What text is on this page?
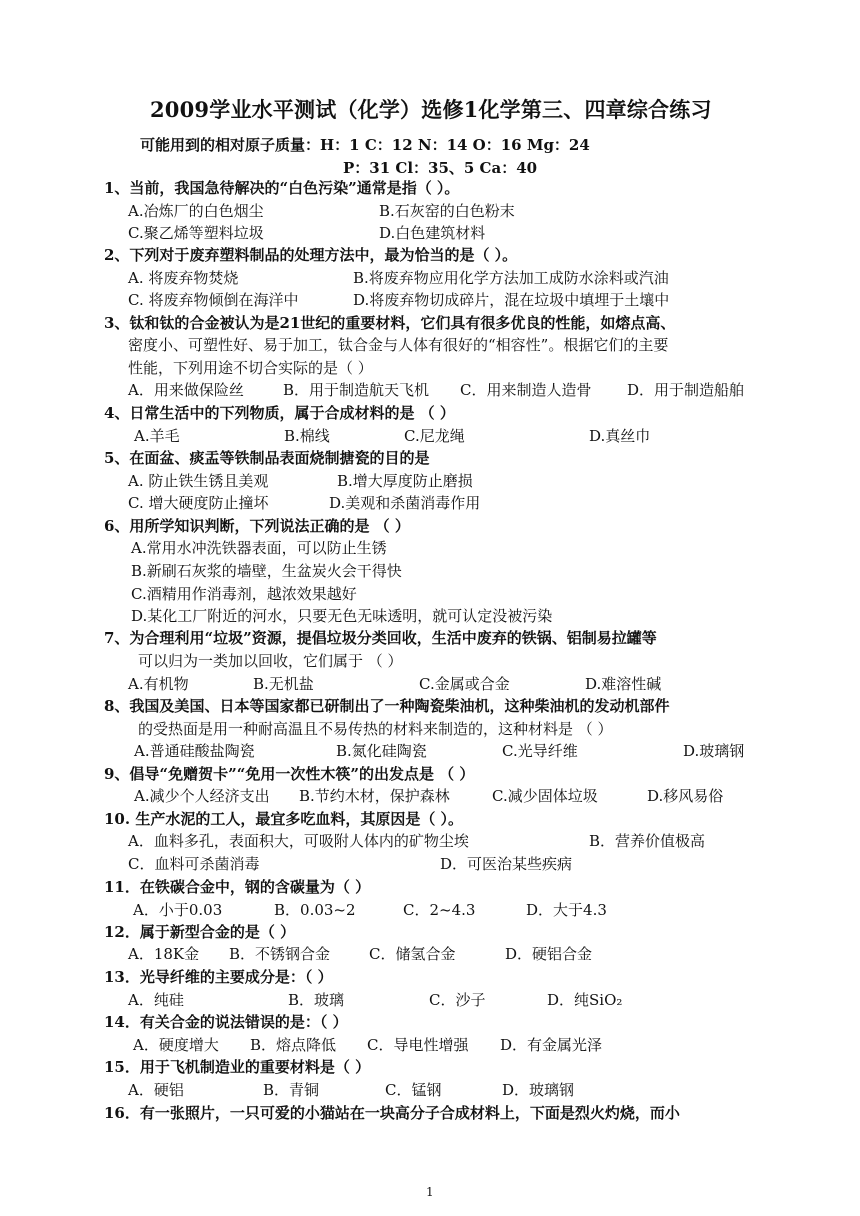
2009学业水平测试（化学）选修1化学第三、四章综合练习
可能用到的相对原子质量：H：1 C：12 N：14 O：16 Mg：24
P：31 Cl：35、5 Ca：40
1、当前，我国急待解决的“白色污染”通常是指（ ）。
A.冶炼厂的白色烟尘	B.石灰窑的白色粉末
C.聚乙烯等塑料垃圾	D.白色建筑材料
2、下列对于废弃塑料制品的处理方法中，最为恰当的是（ ）。
A. 将废弃物焚烧	B.将废弃物应用化学方法加工成防水涂料或汽油
C. 将废弃物倾倒在海洋中	D.将废弃物切成碎片，混在垃圾中填埋于土壤中
3、钛和钛的合金被认为是21世纪的重要材料，它们具有很多优良的性能，如熔点高、
密度小、可塑性好、易于加工，钛合金与人体有很好的“相容性”。根据它们的主要
性能，下列用途不切合实际的是（ ）
A．用来做保险丝	B．用于制造航天飞机 C．用来制造人造骨 D．用于制造船舶
4、日常生活中的下列物质，属于合成材料的是 （ ）
A.羊毛	B.棉线	C.尼龙绳	D.真丝巾
5、在面盆、痰盂等铁制品表面烧制搪瓷的目的是
A. 防止铁生锈且美观	B.增大厚度防止磨损
C. 增大硬度防止撞坏	D.美观和杀菌消毒作用
6、用所学知识判断，下列说法正确的是 （ ）
A.常用水冲洗铁器表面，可以防止生锈
B.新刷石灰浆的墙壁，生盆炭火会干得快
C.酒精用作消毒剂，越浓效果越好
D.某化工厂附近的河水，只要无色无味透明，就可认定没被污染
7、为合理利用“垃圾”资源，提倡垃圾分类回收，生活中废弃的铁锅、铝制易拉罐等
可以归为一类加以回收，它们属于 （ ）
A.有机物	B.无机盐	C.金属或合金	D.难溶性碱
8、我国及美国、日本等国家都已研制出了一种陶瓷柴油机，这种柴油机的发动机部件
的受热面是用一种耐高温且不易传热的材料来制造的，这种材料是 （ ）
A.普通硅酸盐陶瓷	B.氮化硅陶瓷	C.光导纤维	D.玻璃钢
9、倡导“免赠贺卡”“免用一次性木筷”的出发点是 （ ）
A.减少个人经济支出 B.节约木材，保护森林	C.减少固体垃圾	D.移风易俗
10. 生产水泥的工人，最宜多吃血料，其原因是（ ）。
A．血料多孔，表面积大，可吸附人体内的矿物尘埃	B．营养价值极高
C．血料可杀菌消毒	D．可医治某些疾病
11．在铁碳合金中，钢的含碳量为（ ）
A．小于0.03	B．0.03~2	C．2~4.3	D．大于4.3
12．属于新型合金的是（ ）
A．18K金 B．不锈钢合金	C．储氢合金	D．硬铝合金
13．光导纤维的主要成分是：（ ）
A．纯硅	B．玻璃	C．沙子	D．纯SiO₂
14．有关合金的说法错误的是：（ ）
A．硬度增大 B．熔点降低 C．导电性增强 D．有金属光泽
15．用于飞机制造业的重要材料是（ ）
A．硬铝	B．青铜	C．锰钢	D．玻璃钢
16．有一张照片，一只可爱的小猫站在一块高分子合成材料上，下面是烈火灼烧，而小
1
